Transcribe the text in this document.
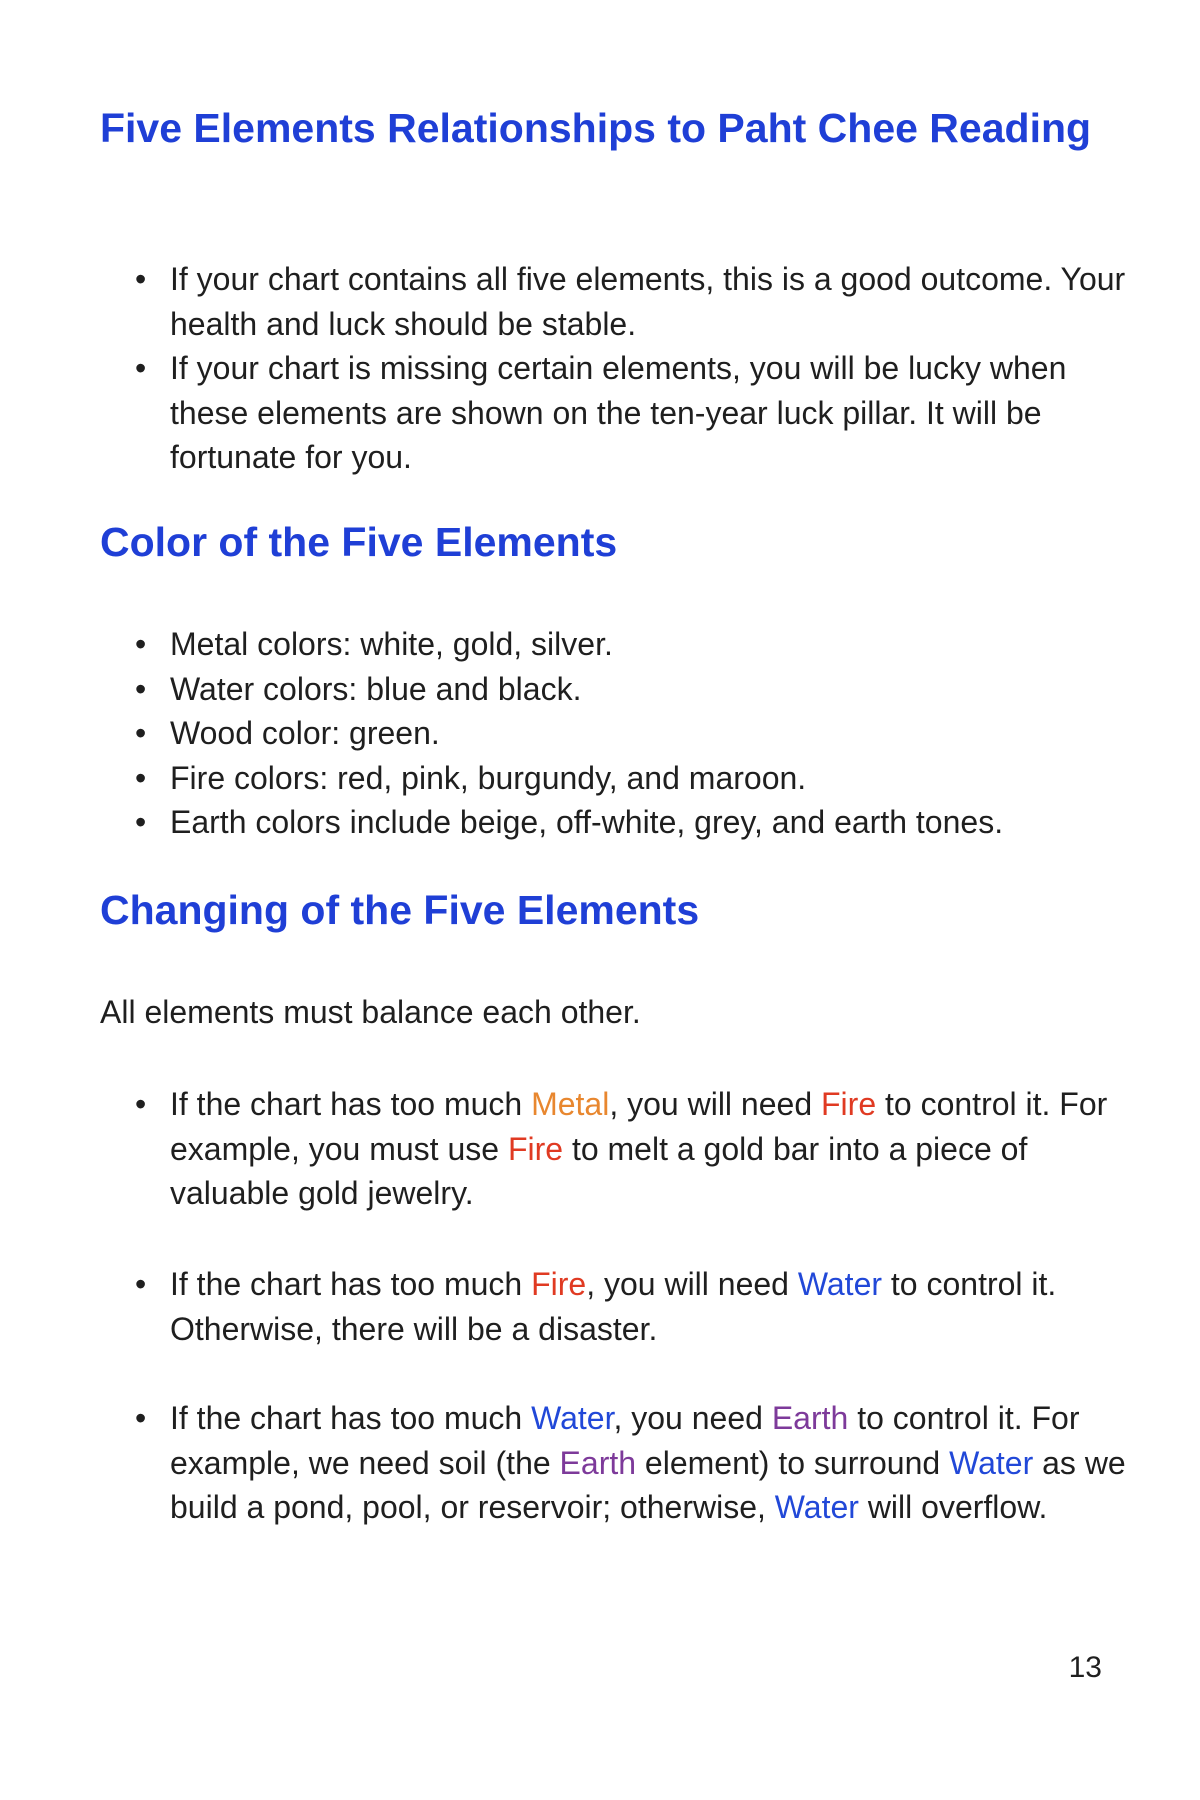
Five Elements Relationships to Paht Chee Reading
• If your chart contains all five elements, this is a good outcome. Your health and luck should be stable.
• If your chart is missing certain elements, you will be lucky when these elements are shown on the ten-year luck pillar. It will be fortunate for you.
Color of the Five Elements
• Metal colors: white, gold, silver.
• Water colors: blue and black.
• Wood color: green.
• Fire colors: red, pink, burgundy, and maroon.
• Earth colors include beige, off-white, grey, and earth tones.
Changing of the Five Elements

All elements must balance each other.

• If the chart has too much Metal, you will need Fire to control it. For example, you must use Fire to melt a gold bar into a piece of valuable gold jewelry.
• If the chart has too much Fire, you will need Water to control it. Otherwise, there will be a disaster.
• If the chart has too much Water, you need Earth to control it. For example, we need soil (the Earth element) to surround Water as we build a pond, pool, or reservoir; otherwise, Water will overflow.
13
